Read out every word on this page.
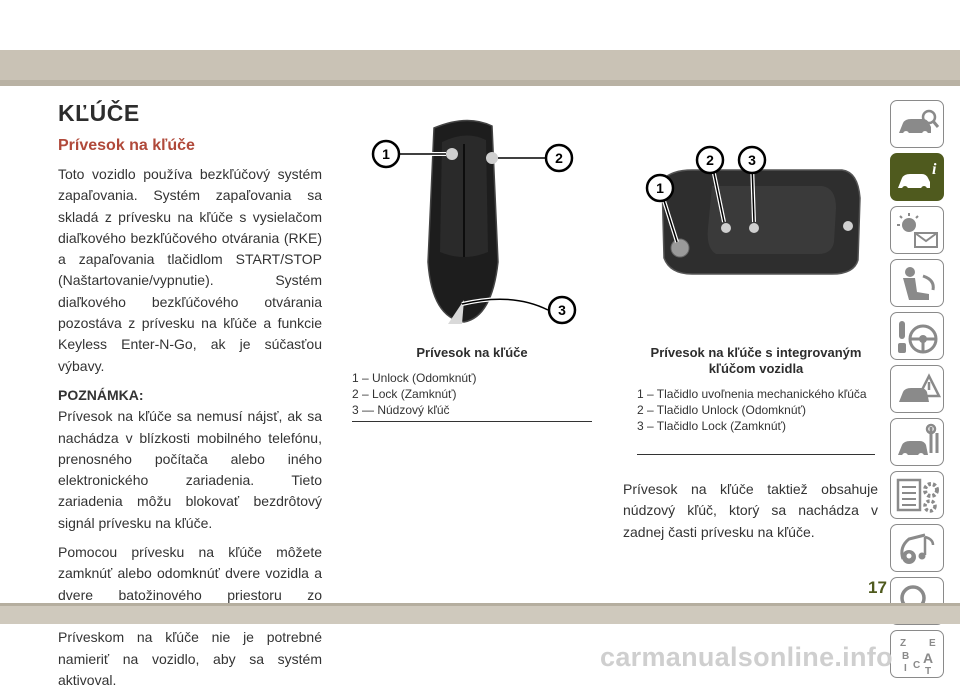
KĽÚČE
Prívesok na kľúče

Toto vozidlo používa bezkľúčový systém zapaľovania. Systém zapaľovania sa skladá z prívesku na kľúče s vysielačom diaľkového bezkľúčového otvárania (RKE) a zapaľovania tlačidlom START/STOP (Naštartovanie/vypnutie). Systém diaľkového bezkľúčového otvárania pozostáva z prívesku na kľúče a funkcie Keyless Enter-N-Go, ak je súčasťou výbavy.

POZNÁMKA:

Prívesok na kľúče sa nemusí nájsť, ak sa nachádza v blízkosti mobilného telefónu, prenosného počítača alebo iného elektronického zariadenia. Tieto zariadenia môžu blokovať bezdrôtový signál prívesku na kľúče.

Pomocou prívesku na kľúče môžete zamknúť alebo odomknúť dvere vozidla a dvere batožinového priestoru zo Príveskom na kľúče nie je potrebné namieriť na vozidlo, aby sa systém aktivoval.

1	2
3
Prívesok na kľúče
1 – Unlock (Odomknúť)
2 – Lock (Zamknúť)
3 — Núdzový kľúč
1
2 3
Prívesok na kľúče s integrovaným kľúčom vozidla
1 – Tlačidlo uvoľnenia mechanického kľúča
2 – Tlačidlo Unlock (Odomknúť)
3 – Tlačidlo Lock (Zamknúť)

Prívesok na kľúče taktiež obsahuje núdzový kľúč, ktorý sa nachádza v zadnej časti prívesku na kľúče.

i
Z E
B A
I C
T
17
carmanualsonline.info
